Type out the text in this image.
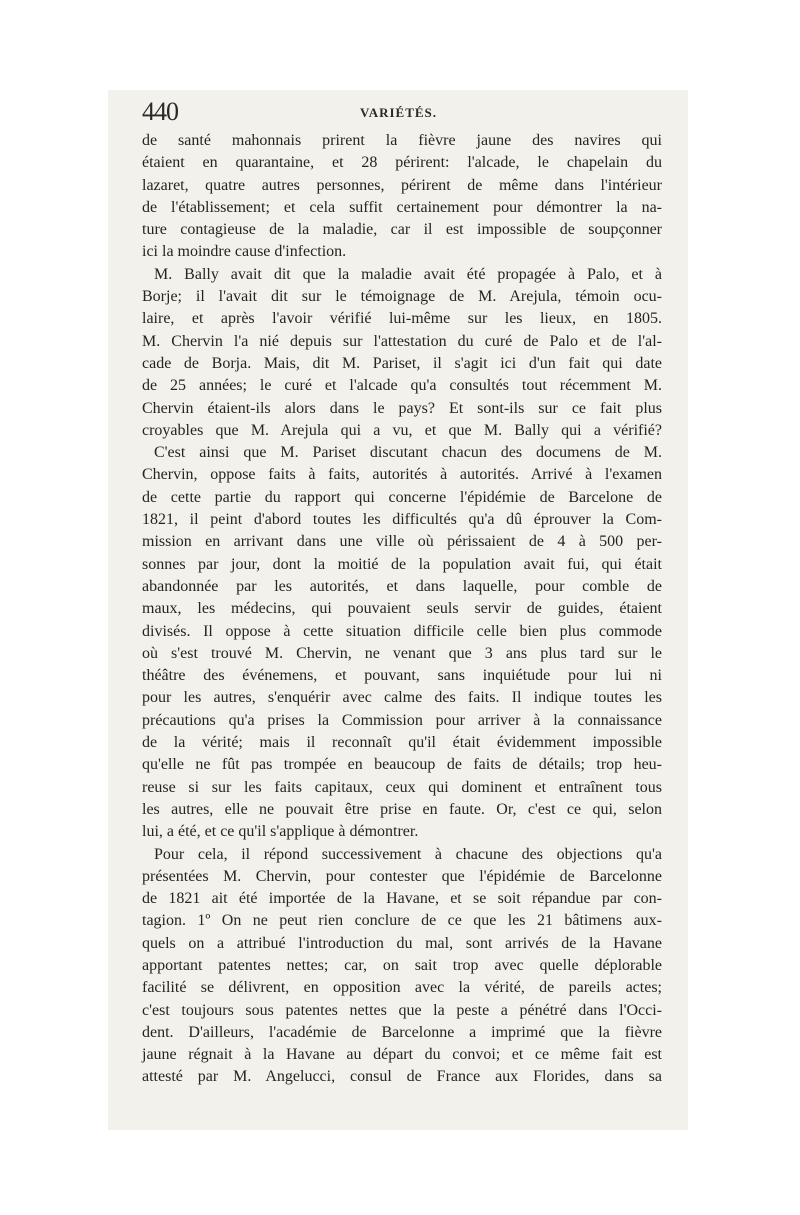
440	VARIÉTÉS.
de santé mahonnais prirent la fièvre jaune des navires qui
étaient en quarantaine, et 28 périrent: l'alcade, le chapelain du
lazaret, quatre autres personnes, périrent de même dans l'intérieur
de l'établissement; et cela suffit certainement pour démontrer la na-
ture contagieuse de la maladie, car il est impossible de soupçonner
ici la moindre cause d'infection.
M. Bally avait dit que la maladie avait été propagée à Palo, et à
Borje; il l'avait dit sur le témoignage de M. Arejula, témoin ocu-
laire, et après l'avoir vérifié lui-même sur les lieux, en 1805.
M. Chervin l'a nié depuis sur l'attestation du curé de Palo et de l'al-
cade de Borja. Mais, dit M. Pariset, il s'agit ici d'un fait qui date
de 25 années; le curé et l'alcade qu'a consultés tout récemment M.
Chervin étaient-ils alors dans le pays? Et sont-ils sur ce fait plus
croyables que M. Arejula qui a vu, et que M. Bally qui a vérifié?
C'est ainsi que M. Pariset discutant chacun des documens de M.
Chervin, oppose faits à faits, autorités à autorités. Arrivé à l'examen
de cette partie du rapport qui concerne l'épidémie de Barcelone de
1821, il peint d'abord toutes les difficultés qu'a dû éprouver la Com-
mission en arrivant dans une ville où périssaient de 4 à 500 per-
sonnes par jour, dont la moitié de la population avait fui, qui était
abandonnée par les autorités, et dans laquelle, pour comble de
maux, les médecins, qui pouvaient seuls servir de guides, étaient
divisés. Il oppose à cette situation difficile celle bien plus commode
où s'est trouvé M. Chervin, ne venant que 3 ans plus tard sur le
théâtre des événemens, et pouvant, sans inquiétude pour lui ni
pour les autres, s'enquérir avec calme des faits. Il indique toutes les
précautions qu'a prises la Commission pour arriver à la connaissance
de la vérité; mais il reconnaît qu'il était évidemment impossible
qu'elle ne fût pas trompée en beaucoup de faits de détails; trop heu-
reuse si sur les faits capitaux, ceux qui dominent et entraînent tous
les autres, elle ne pouvait être prise en faute. Or, c'est ce qui, selon
lui, a été, et ce qu'il s'applique à démontrer.
Pour cela, il répond successivement à chacune des objections qu'a
présentées M. Chervin, pour contester que l'épidémie de Barcelonne
de 1821 ait été importée de la Havane, et se soit répandue par con-
tagion. 1º On ne peut rien conclure de ce que les 21 bâtimens aux-
quels on a attribué l'introduction du mal, sont arrivés de la Havane
apportant patentes nettes; car, on sait trop avec quelle déplorable
facilité se délivrent, en opposition avec la vérité, de pareils actes;
c'est toujours sous patentes nettes que la peste a pénétré dans l'Occi-
dent. D'ailleurs, l'académie de Barcelonne a imprimé que la fièvre
jaune régnait à la Havane au départ du convoi; et ce même fait est
attesté par M. Angelucci, consul de France aux Florides, dans sa
